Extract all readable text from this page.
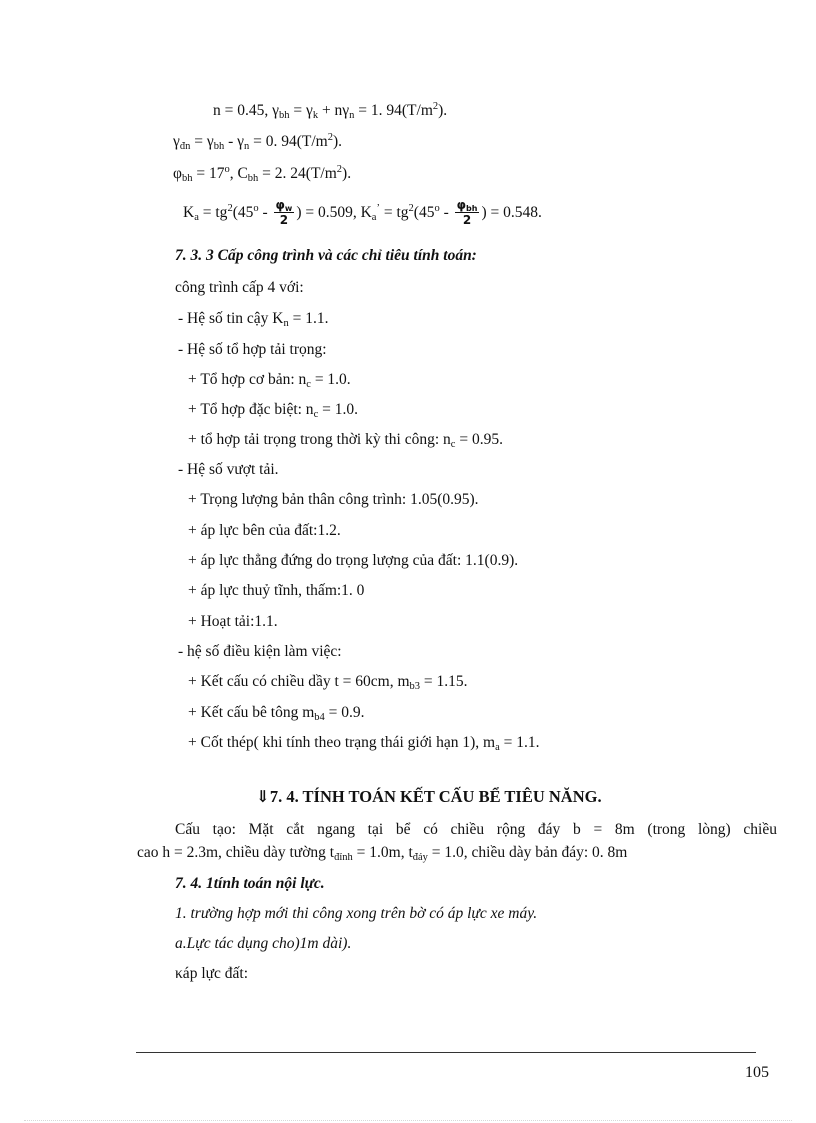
n = 0.45, $\gamma_{bh} = \gamma_k + n\gamma_n = 1$. $94(T/m^2)$.
$\gamma_{đn} = \gamma_{bh} - \gamma_n = 0$. $94(T/m^2)$.
$\varphi_{bh} = 17^o$, $C_{bh} = 2$. $24(T/m^2)$.
$K_a = tg^2(45^o - \frac{\varphi_w}{2}$ ) = 0.509, $K_a^’ = tg^2(45^o - \frac{\varphi_{bh}}{2}$ ) = 0.548.
7. 3. 3 Cấp công trình và các chỉ tiêu tính toán:
công trình cấp 4 với:
- Hệ số tin cậy $K_n = 1.1$.
- Hệ số tổ hợp tải trọng:
+ Tổ hợp cơ bản: $n_c = 1.0$.
+ Tổ hợp đặc biệt: $n_c = 1.0$.
+ tổ hợp tải trọng trong thời kỳ thi công: $n_c = 0.95$.
- Hệ số vượt tải.
+ Trọng lượng bản thân công trình: 1.05(0.95).
+ áp lực bên của đất:1.2.
+ áp lực thẳng đứng do trọng lượng của đất: 1.1(0.9).
+ áp lực thuỷ tĩnh, thấm:1. 0
+ Hoạt tải:1.1.
- hệ số điều kiện làm việc:
+ Kết cấu có chiều dầy t = 60cm, $m_{b3} = 1.15$.
+ Kết cấu bê tông $m_{b4} = 0.9$.
+ Cốt thép( khi tính theo trạng thái giới hạn 1), $m_a = 1.1$.
⇓7. 4. TÍNH TOÁN KẾT CẤU BỂ TIÊU NĂNG.
Cấu tạo: Mặt cắt ngang tại bể có chiều rộng đáy b = 8m (trong lòng) chiều
cao h = 2.3m, chiều dày tường $t_{đỉnh} = 1.0m$, $t_{đáy} = 1.0$, chiều dày bản đáy: 0. 8m
7. 4. 1tính toán nội lực.
1. trường hợp mới thi công xong trên bờ có áp lực xe máy.
a.Lực tác dụng cho)1m dài).
κáp lực đất:
105
